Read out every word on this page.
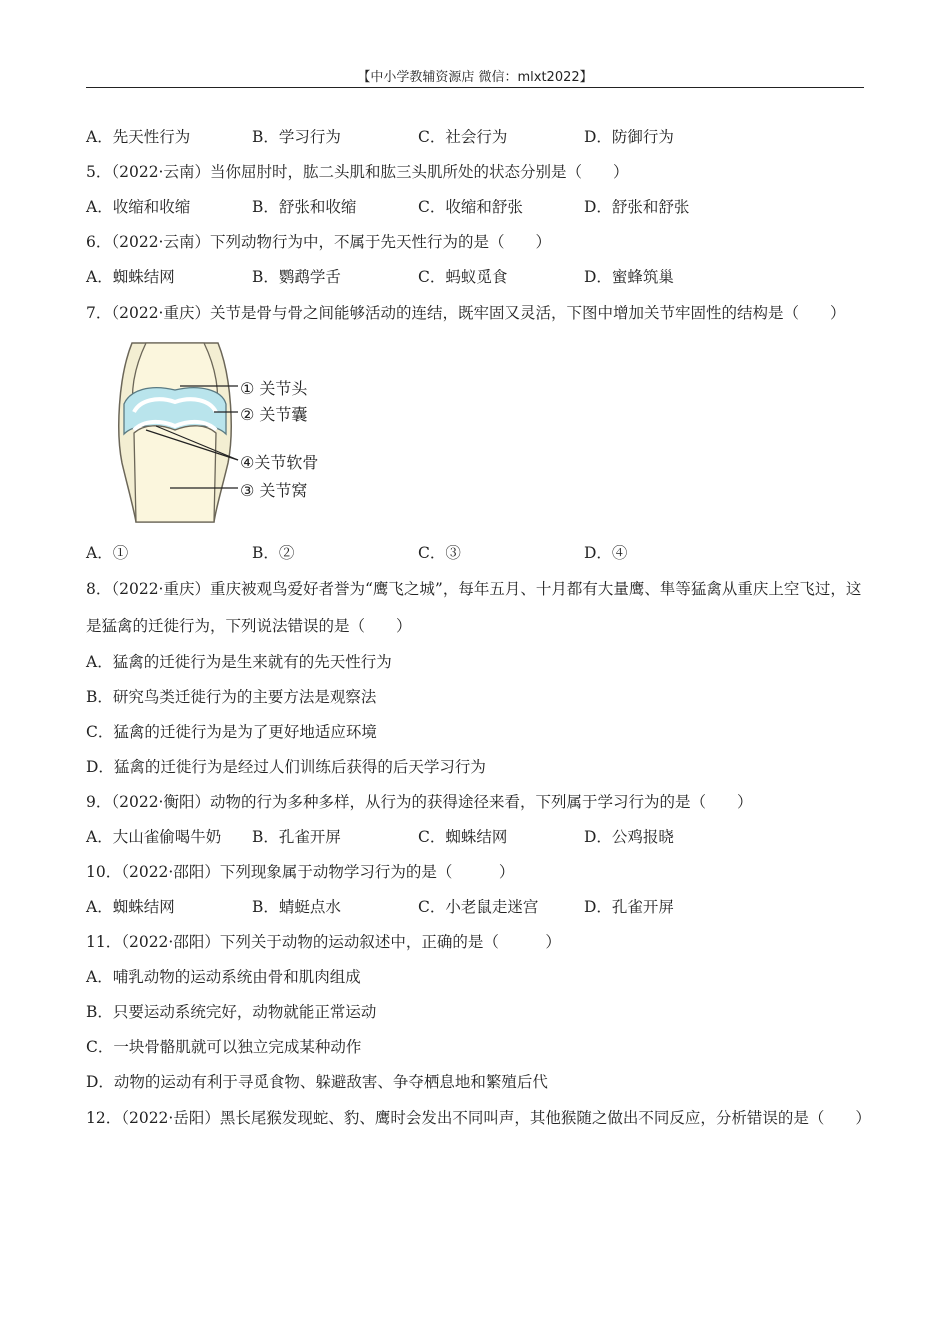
【中小学教辅资源店 微信：mlxt2022】
A．先天性行为	B．学习行为	C．社会行为	D．防御行为
5．（2022·云南）当你屈肘时，肱二头肌和肱三头肌所处的状态分别是（　　）
A．收缩和收缩	B．舒张和收缩	C．收缩和舒张	D．舒张和舒张
6．（2022·云南）下列动物行为中，不属于先天性行为的是（　　）
A．蜘蛛结网	B．鹦鹉学舌	C．蚂蚁觅食	D．蜜蜂筑巢
7．（2022·重庆）关节是骨与骨之间能够活动的连结，既牢固又灵活，下图中增加关节牢固性的结构是（　　）
① 关节头
② 关节囊
④关节软骨
③ 关节窝
A．①	B．②	C．③	D．④
8．（2022·重庆）重庆被观鸟爱好者誉为“鹰飞之城”，每年五月、十月都有大量鹰、隼等猛禽从重庆上空飞过，这是猛禽的迁徙行为，下列说法错误的是（　　）
A．猛禽的迁徙行为是生来就有的先天性行为
B．研究鸟类迁徙行为的主要方法是观察法
C．猛禽的迁徙行为是为了更好地适应环境
D．猛禽的迁徙行为是经过人们训练后获得的后天学习行为
9．（2022·衡阳）动物的行为多种多样，从行为的获得途径来看，下列属于学习行为的是（　　）
A．大山雀偷喝牛奶	B．孔雀开屏	C．蜘蛛结网	D．公鸡报晓
10．（2022·邵阳）下列现象属于动物学习行为的是（　　　）
A．蜘蛛结网	B．蜻蜓点水	C．小老鼠走迷宫	D．孔雀开屏
11．（2022·邵阳）下列关于动物的运动叙述中，正确的是（　　　）
A．哺乳动物的运动系统由骨和肌肉组成
B．只要运动系统完好，动物就能正常运动
C．一块骨骼肌就可以独立完成某种动作
D．动物的运动有利于寻觅食物、躲避敌害、争夺栖息地和繁殖后代
12．（2022·岳阳）黑长尾猴发现蛇、豹、鹰时会发出不同叫声，其他猴随之做出不同反应，分析错误的是（　　）
